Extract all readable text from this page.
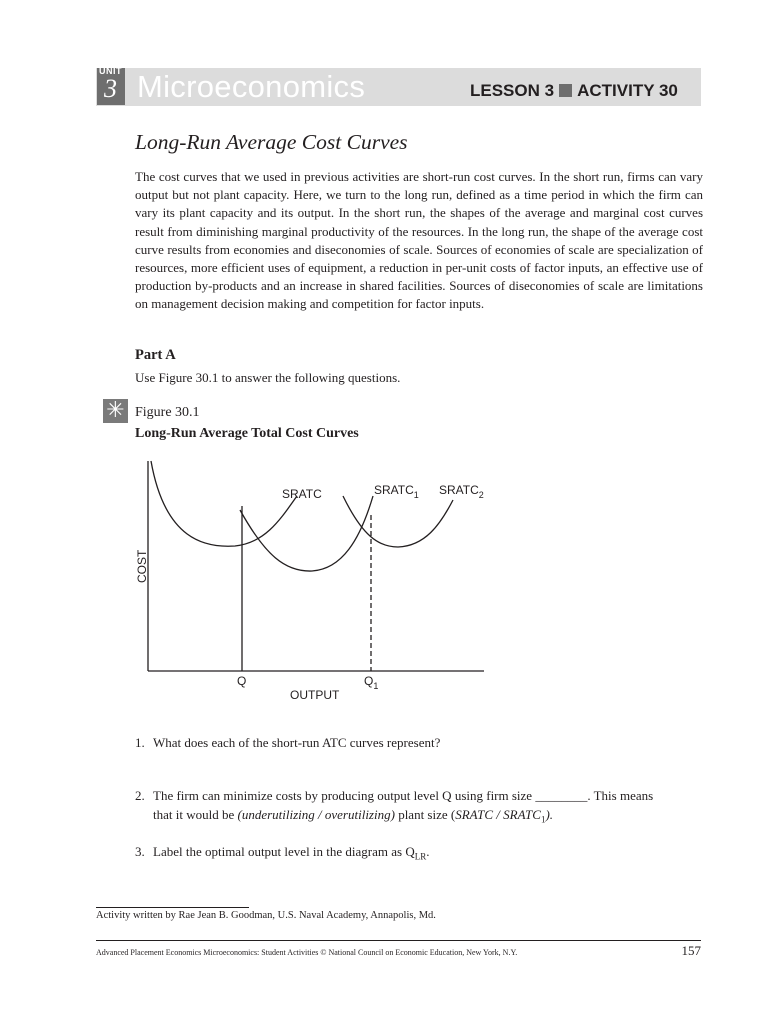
UNIT
3 Microeconomics	LESSON 3 ACTIVITY 30
Long-Run Average Cost Curves
The cost curves that we used in previous activities are short-run cost curves. In the short run, firms can vary output but not plant capacity. Here, we turn to the long run, defined as a time period in which the firm can vary its plant capacity and its output. In the short run, the shapes of the average and marginal cost curves result from diminishing marginal productivity of the resources. In the long run, the shape of the average cost curve results from economies and diseconomies of scale. Sources of economies of scale are specialization of resources, more efficient uses of equipment, a reduction in per-unit costs of factor inputs, an effective use of production by-products and an increase in shared facilities. Sources of diseconomies of scale are limitations on management decision making and competition for factor inputs.
Part A
Use Figure 30.1 to answer the following questions.
✳ Figure 30.1
Long-Run Average Total Cost Curves
SRATC	$SRATC_1$ $SRATC_2$
COST
OUTPUT
Q	$Q_1$
1. What does each of the short-run ATC curves represent?
2. The firm can minimize costs by producing output level Q using firm size ________. This means
that it would be (underutilizing / overutilizing) plant size (SRATC / $SRATC_1$).
3. Label the optimal output level in the diagram as $Q_{LR}$.
Activity written by Rae Jean B. Goodman, U.S. Naval Academy, Annapolis, Md.
Advanced Placement Economics Microeconomics: Student Activities © National Council on Economic Education, New York, N.Y.	157
